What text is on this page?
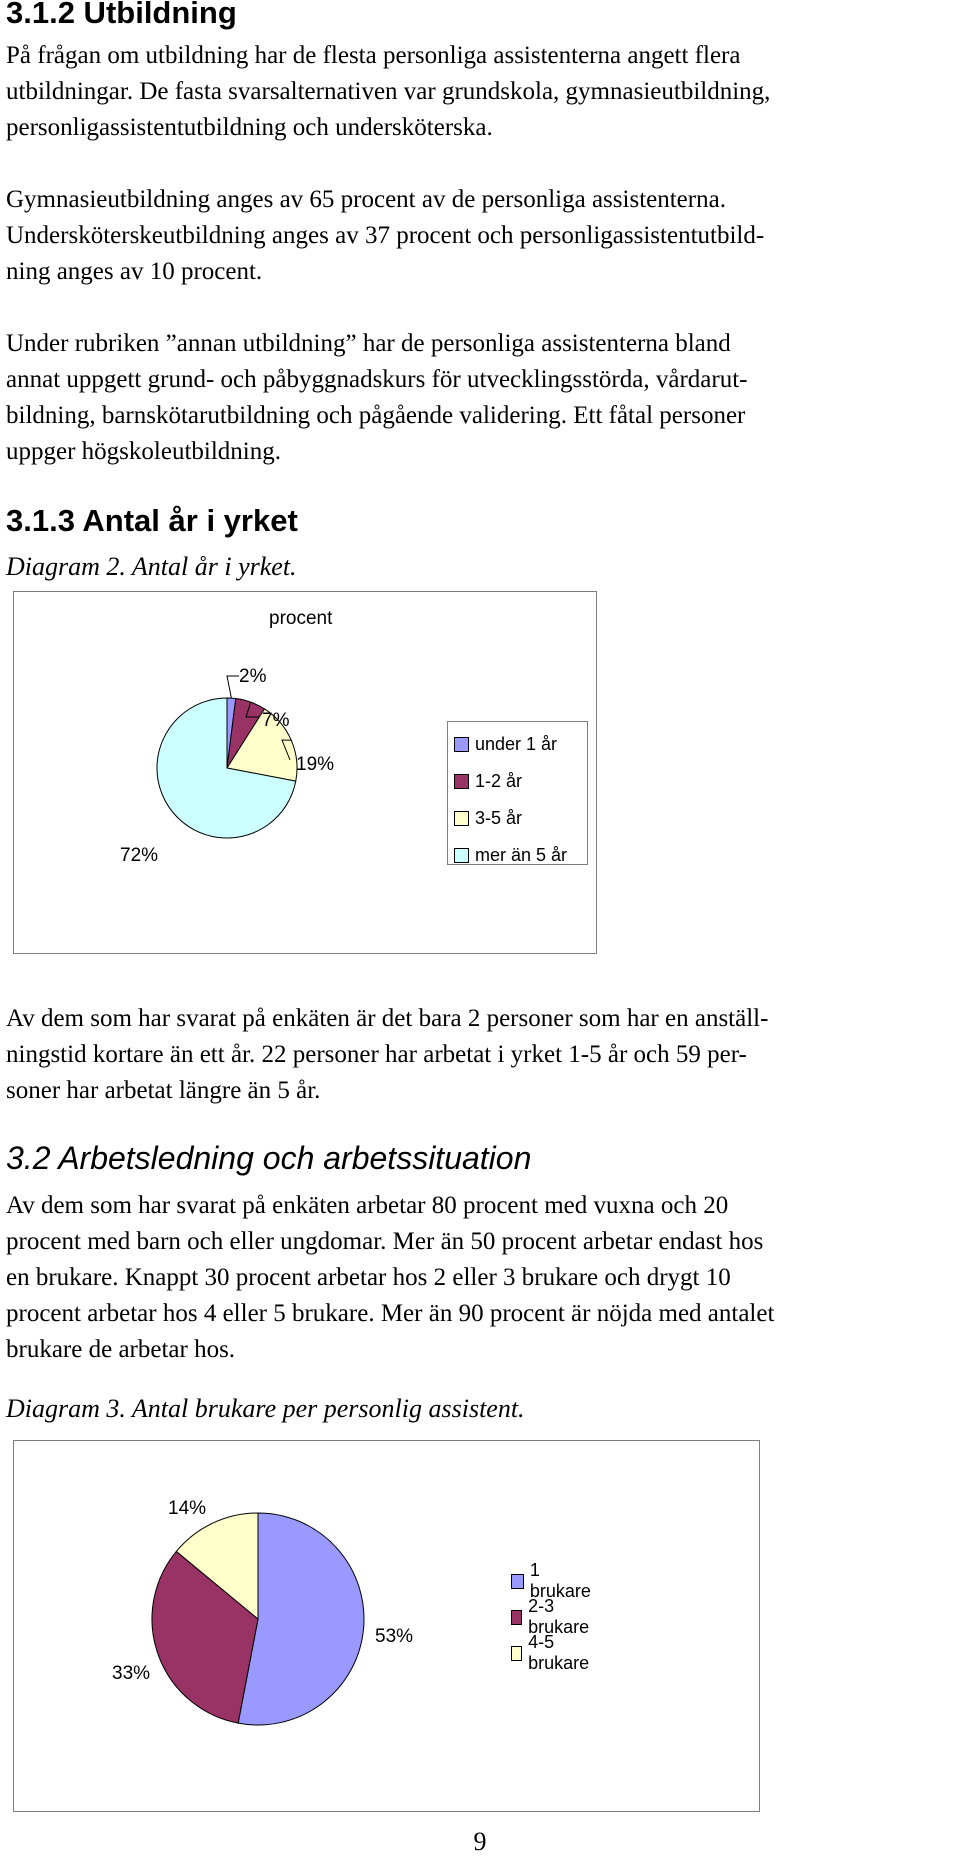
3.1.2 Utbildning

På frågan om utbildning har de flesta personliga assistenterna angett flera
utbildningar. De fasta svarsalternativen var grundskola, gymnasieutbildning,
personligassistentutbildning och undersköterska.

Gymnasieutbildning anges av 65 procent av de personliga assistenterna.
Undersköterskeutbildning anges av 37 procent och personligassistentutbild-
ning anges av 10 procent.

Under rubriken ”annan utbildning” har de personliga assistenterna bland
annat uppgett grund- och påbyggnadskurs för utvecklingsstörda, vårdarut-
bildning, barnskötarutbildning och pågående validering. Ett fåtal personer
uppger högskoleutbildning.

3.1.3 Antal år i yrket
Diagram 2. Antal år i yrket.
procent
2%
7%
19%
72%
under 1 år
1-2 år
3-5 år
mer än 5 år

Av dem som har svarat på enkäten är det bara 2 personer som har en anställ-
ningstid kortare än ett år. 22 personer har arbetat i yrket 1-5 år och 59 per-
soner har arbetat längre än 5 år.

3.2 Arbetsledning och arbetssituation

Av dem som har svarat på enkäten arbetar 80 procent med vuxna och 20
procent med barn och eller ungdomar. Mer än 50 procent arbetar endast hos
en brukare. Knappt 30 procent arbetar hos 2 eller 3 brukare och drygt 10
procent arbetar hos 4 eller 5 brukare. Mer än 90 procent är nöjda med antalet
brukare de arbetar hos.

Diagram 3. Antal brukare per personlig assistent.
14%
53%
33%
1 brukare
2-3 brukare
4-5 brukare
9
